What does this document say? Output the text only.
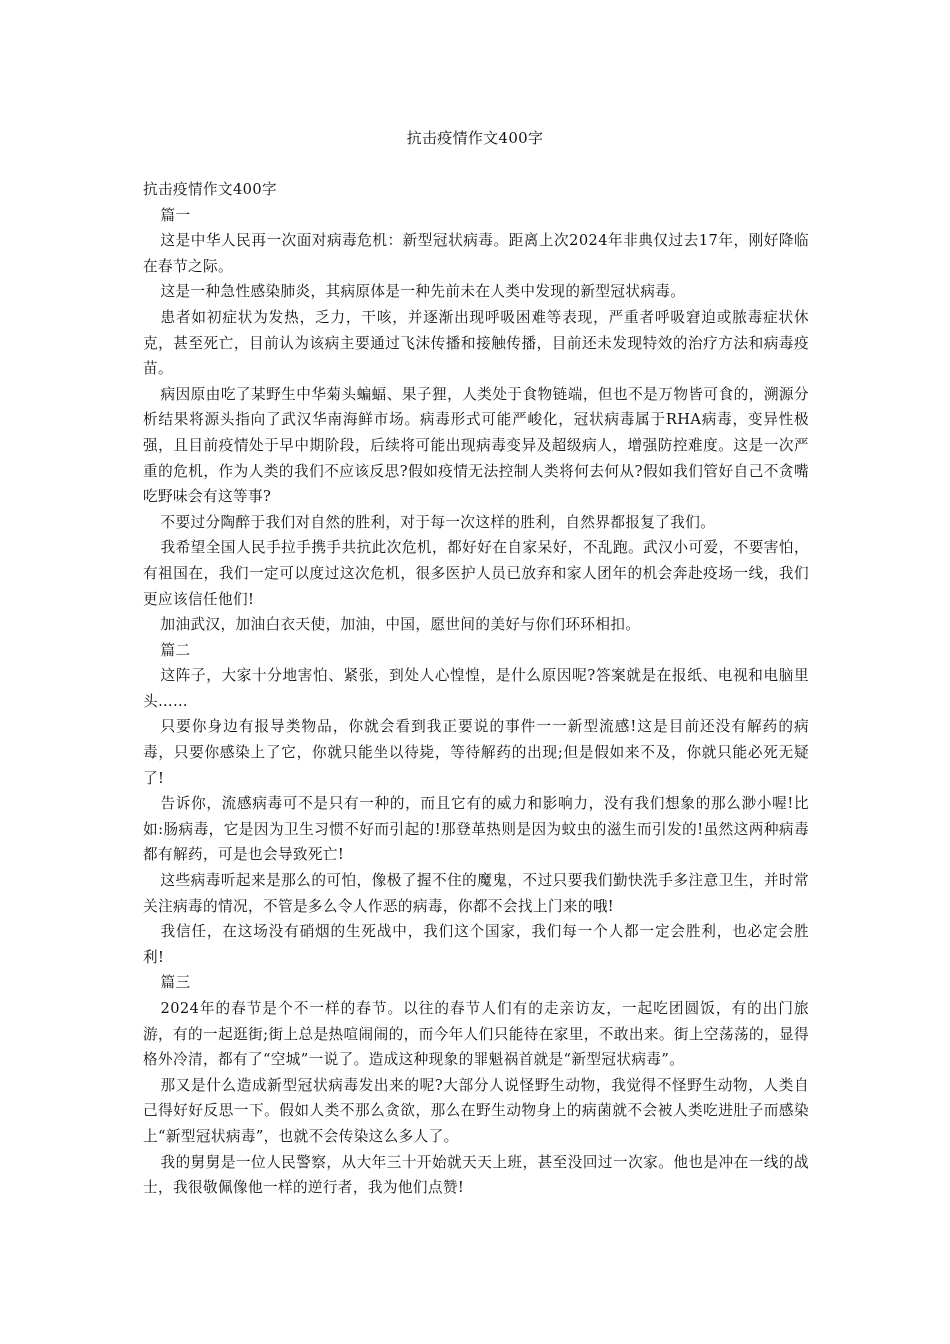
抗击疫情作文400字

抗击疫情作文400字

篇一

这是中华人民再一次面对病毒危机：新型冠状病毒。距离上次2024年非典仅过去17年，刚好降临在春节之际。

这是一种急性感染肺炎，其病原体是一种先前未在人类中发现的新型冠状病毒。

患者如初症状为发热，乏力，干咳，并逐渐出现呼吸困难等表现，严重者呼吸窘迫或脓毒症状休克，甚至死亡，目前认为该病主要通过飞沫传播和接触传播，目前还未发现特效的治疗方法和病毒疫苗。

病因原由吃了某野生中华菊头蝙蝠、果子狸，人类处于食物链端，但也不是万物皆可食的，溯源分析结果将源头指向了武汉华南海鲜市场。病毒形式可能严峻化，冠状病毒属于RHA病毒，变异性极强，且目前疫情处于早中期阶段，后续将可能出现病毒变异及超级病人，增强防控难度。这是一次严重的危机，作为人类的我们不应该反思?假如疫情无法控制人类将何去何从?假如我们管好自己不贪嘴吃野味会有这等事?

不要过分陶醉于我们对自然的胜利，对于每一次这样的胜利，自然界都报复了我们。

我希望全国人民手拉手携手共抗此次危机，都好好在自家呆好，不乱跑。武汉小可爱，不要害怕，有祖国在，我们一定可以度过这次危机，很多医护人员已放弃和家人团年的机会奔赴疫场一线，我们更应该信任他们!

加油武汉，加油白衣天使，加油，中国，愿世间的美好与你们环环相扣。

篇二

这阵子，大家十分地害怕、紧张，到处人心惶惶，是什么原因呢?答案就是在报纸、电视和电脑里头……

只要你身边有报导类物品，你就会看到我正要说的事件一一新型流感!这是目前还没有解药的病毒，只要你感染上了它，你就只能坐以待毙，等待解药的出现;但是假如来不及，你就只能必死无疑了!

告诉你，流感病毒可不是只有一种的，而且它有的威力和影响力，没有我们想象的那么渺小喔!比如:肠病毒，它是因为卫生习惯不好而引起的!那登革热则是因为蚊虫的滋生而引发的!虽然这两种病毒都有解药，可是也会导致死亡!

这些病毒听起来是那么的可怕，像极了握不住的魔鬼，不过只要我们勤快洗手多注意卫生，并时常关注病毒的情况，不管是多么令人作恶的病毒，你都不会找上门来的哦!

我信任，在这场没有硝烟的生死战中，我们这个国家，我们每一个人都一定会胜利，也必定会胜利!

篇三

2024年的春节是个不一样的春节。以往的春节人们有的走亲访友，一起吃团圆饭，有的出门旅游，有的一起逛街;街上总是热喧闹闹的，而今年人们只能待在家里，不敢出来。街上空荡荡的，显得格外冷清，都有了“空城”一说了。造成这种现象的罪魁祸首就是“新型冠状病毒”。

那又是什么造成新型冠状病毒发出来的呢?大部分人说怪野生动物，我觉得不怪野生动物，人类自己得好好反思一下。假如人类不那么贪欲，那么在野生动物身上的病菌就不会被人类吃进肚子而感染上“新型冠状病毒”，也就不会传染这么多人了。

我的舅舅是一位人民警察，从大年三十开始就天天上班，甚至没回过一次家。他也是冲在一线的战士，我很敬佩像他一样的逆行者，我为他们点赞!
